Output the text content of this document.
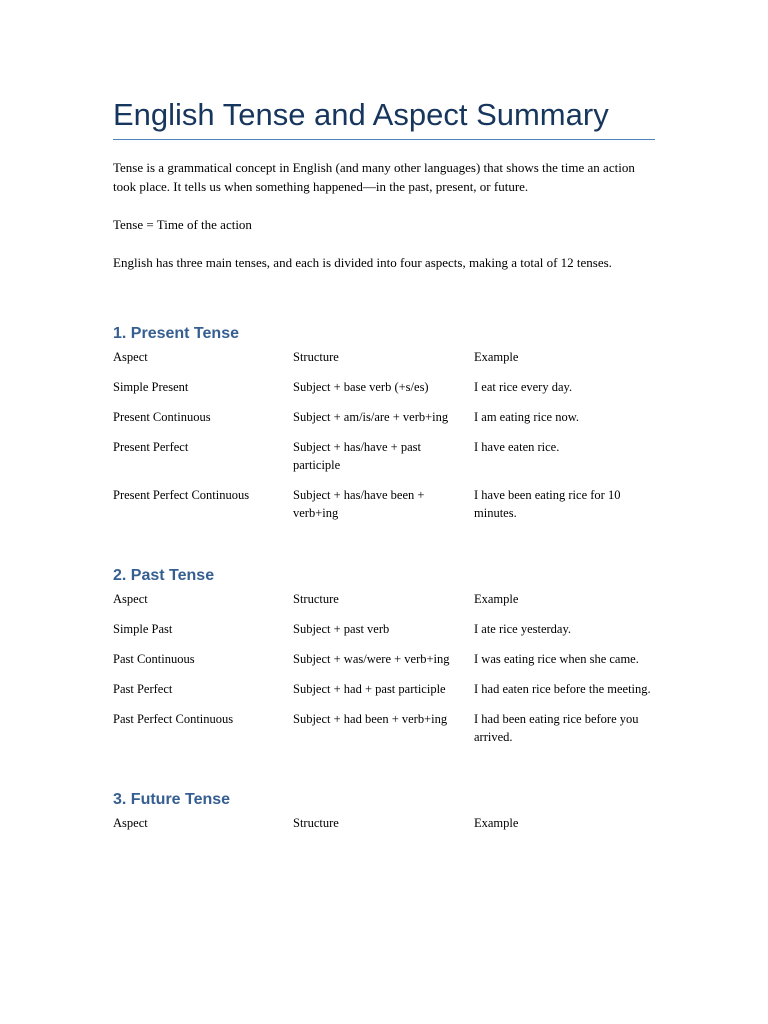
English Tense and Aspect Summary

Tense is a grammatical concept in English (and many other languages) that shows the time an action took place. It tells us when something happened—in the past, present, or future.

Tense = Time of the action

English has three main tenses, and each is divided into four aspects, making a total of 12 tenses.

1. Present Tense
Aspect	Structure	Example
Simple Present	Subject + base verb (+s/es)	I eat rice every day.
Present Continuous	Subject + am/is/are + verb+ing	I am eating rice now.
Present Perfect	Subject + has/have + past participle	I have eaten rice.
Present Perfect Continuous	Subject + has/have been + verb+ing	I have been eating rice for 10 minutes.
2. Past Tense
Aspect	Structure	Example
Simple Past	Subject + past verb	I ate rice yesterday.
Past Continuous	Subject + was/were + verb+ing	I was eating rice when she came.
Past Perfect	Subject + had + past participle	I had eaten rice before the meeting.
Past Perfect Continuous	Subject + had been + verb+ing	I had been eating rice before you arrived.
3. Future Tense
Aspect	Structure	Example
